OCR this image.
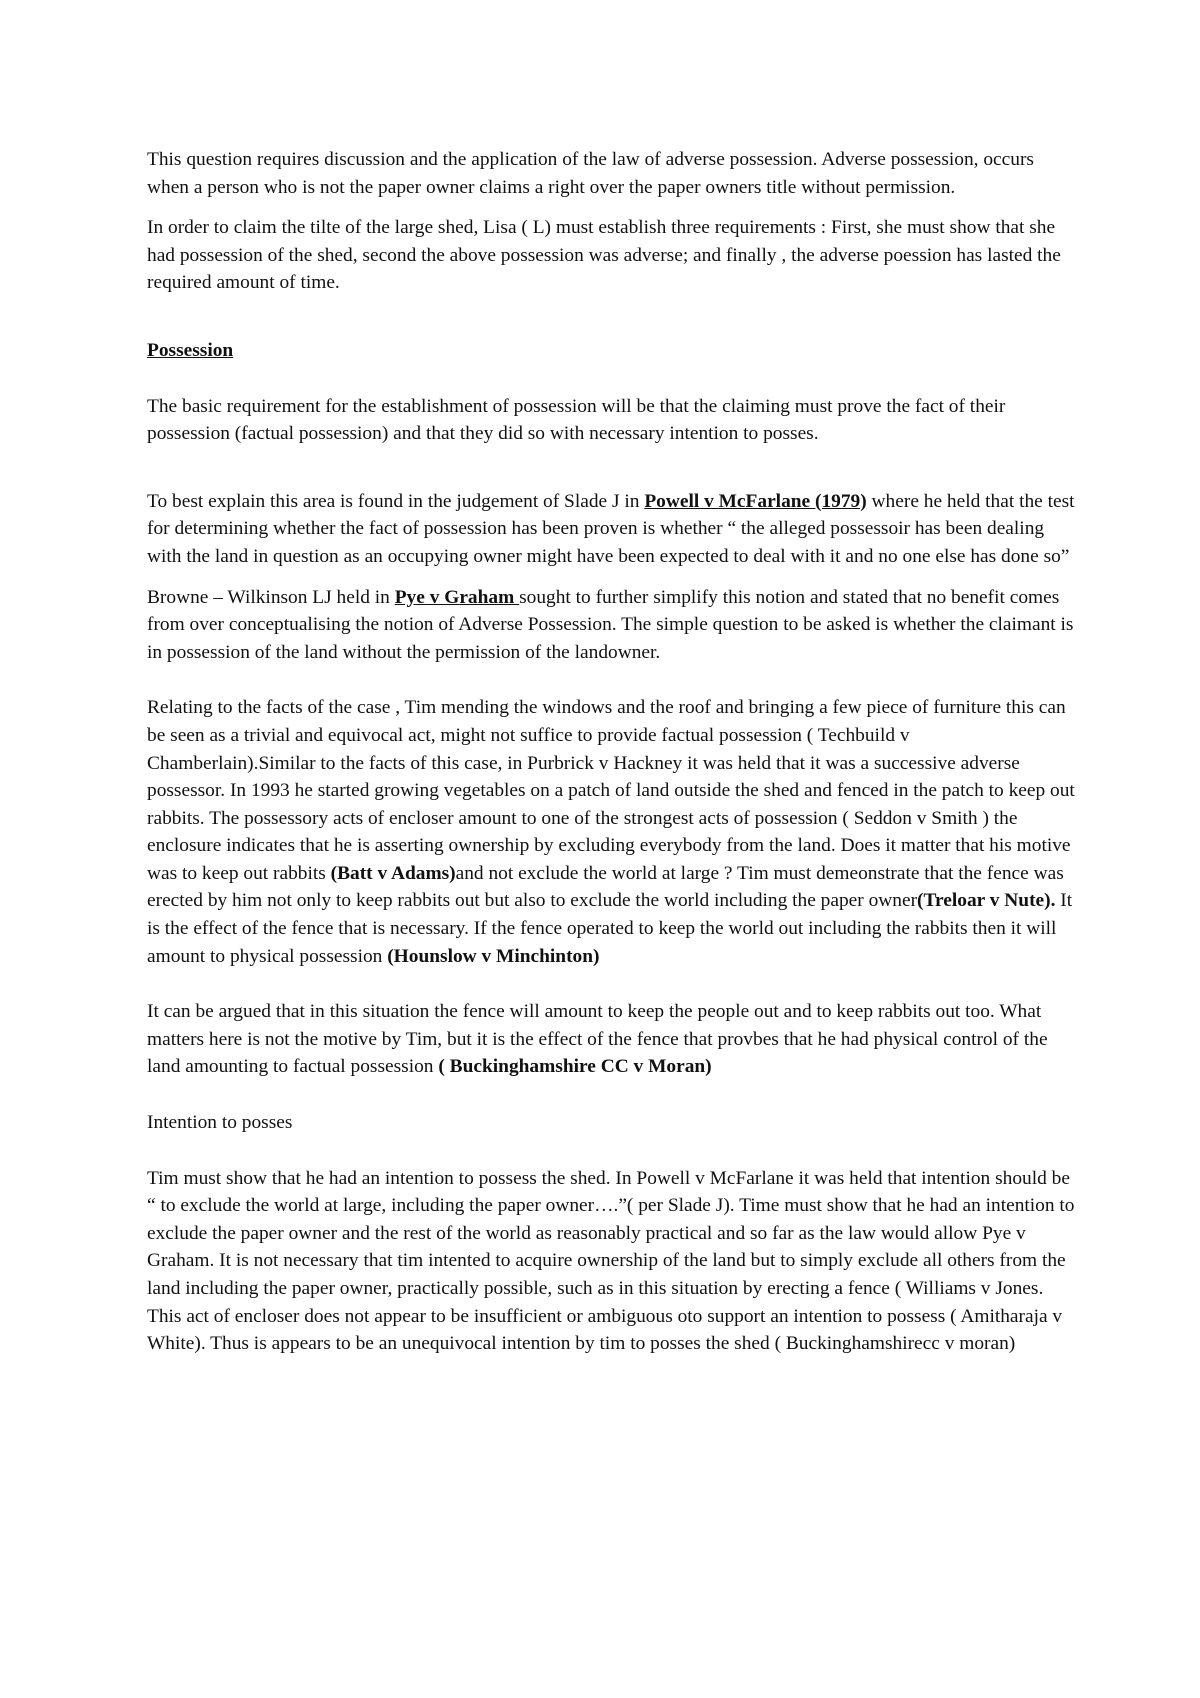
This question requires discussion and the application of the law of adverse possession. Adverse possession, occurs when a person who is not the paper owner claims a right over the paper owners title without permission.

In order to claim the tilte of the large shed, Lisa ( L) must establish three requirements : First, she must show that she had possession of the shed, second the above possession was adverse; and finally , the adverse poession has lasted the required amount of time.

Possession

The basic requirement for the establishment of possession will be that the claiming must prove the fact of their possession (factual possession) and that they did so with necessary intention to posses.

To best explain this area is found in the judgement of Slade J in Powell v McFarlane (1979) where he held that the test for determining whether the fact of possession has been proven is whether “ the alleged possessoir has been dealing with the land in question as an occupying owner might have been expected to deal with it and no one else has done so”

Browne – Wilkinson LJ held in Pye v Graham sought to further simplify this notion and stated that no benefit comes from over conceptualising the notion of Adverse Possession. The simple question to be asked is whether the claimant is in possession of the land without the permission of the landowner.

Relating to the facts of the case , Tim mending the windows and the roof and bringing a few piece of furniture this can be seen as a trivial and equivocal act, might not suffice to provide factual possession ( Techbuild v Chamberlain).Similar to the facts of this case, in Purbrick v Hackney it was held that it was a successive adverse possessor. In 1993 he started growing vegetables on a patch of land outside the shed and fenced in the patch to keep out rabbits. The possessory acts of encloser amount to one of the strongest acts of possession ( Seddon v Smith ) the enclosure indicates that he is asserting ownership by excluding everybody from the land. Does it matter that his motive was to keep out rabbits (Batt v Adams)and not exclude the world at large ? Tim must demeonstrate that the fence was erected by him not only to keep rabbits out but also to exclude the world including the paper owner(Treloar v Nute). It is the effect of the fence that is necessary. If the fence operated to keep the world out including the rabbits then it will amount to physical possession (Hounslow v Minchinton)

It can be argued that in this situation the fence will amount to keep the people out and to keep rabbits out too. What matters here is not the motive by Tim, but it is the effect of the fence that provbes that he had physical control of the land amounting to factual possession ( Buckinghamshire CC v Moran)

Intention to posses

Tim must show that he had an intention to possess the shed. In Powell v McFarlane it was held that intention should be “ to exclude the world at large, including the paper owner….”( per Slade J). Time must show that he had an intention to exclude the paper owner and the rest of the world as reasonably practical and so far as the law would allow Pye v Graham. It is not necessary that tim intented to acquire ownership of the land but to simply exclude all others from the land including the paper owner, practically possible, such as in this situation by erecting a fence ( Williams v Jones. This act of encloser does not appear to be insufficient or ambiguous oto support an intention to possess ( Amitharaja v White). Thus is appears to be an unequivocal intention by tim to posses the shed ( Buckinghamshirecc v moran)
